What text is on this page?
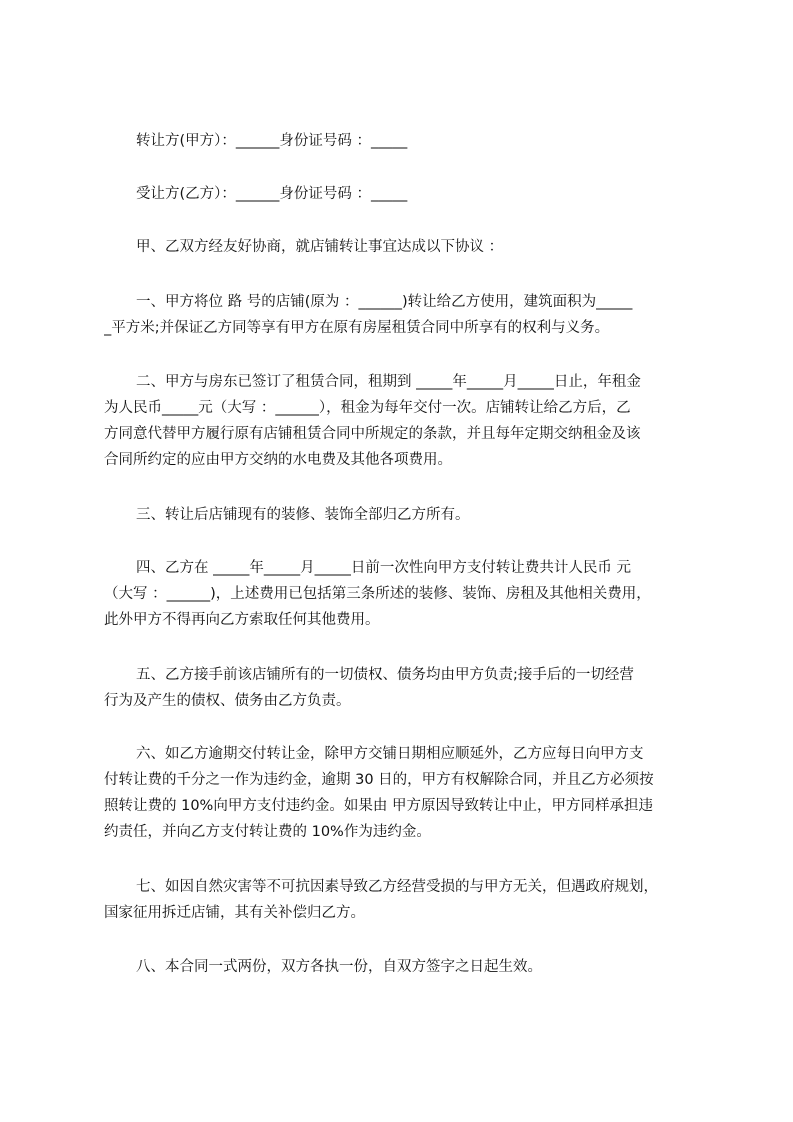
转让方(甲方）：______身份证号码 ：_____
受让方(乙方）：______身份证号码 ：_____
甲、乙双方经友好协商，就店铺转让事宜达成以下协议 ：
一、甲方将位 路 号的店铺(原为 ：______)转让给乙方使用，建筑面积为_____
_平方米;并保证乙方同等享有甲方在原有房屋租赁合同中所享有的权利与义务。
二、甲方与房东已签订了租赁合同，租期到 _____年_____月_____日止，年租金
为人民币_____元（大写 ：______），租金为每年交付一次。店铺转让给乙方后，乙
方同意代替甲方履行原有店铺租赁合同中所规定的条款，并且每年定期交纳租金及该
合同所约定的应由甲方交纳的水电费及其他各项费用。
三、转让后店铺现有的装修、装饰全部归乙方所有。
四、乙方在 _____年_____月_____日前一次性向甲方支付转让费共计人民币 元
（大写 ：______)，上述费用已包括第三条所述的装修、装饰、房租及其他相关费用，
此外甲方不得再向乙方索取任何其他费用。
五、乙方接手前该店铺所有的一切债权、债务均由甲方负责;接手后的一切经营
行为及产生的债权、债务由乙方负责。
六、如乙方逾期交付转让金，除甲方交铺日期相应顺延外，乙方应每日向甲方支
付转让费的千分之一作为违约金，逾期 30 日的，甲方有权解除合同，并且乙方必须按
照转让费的 10%向甲方支付违约金。如果由 甲方原因导致转让中止，甲方同样承担违
约责任，并向乙方支付转让费的 10%作为违约金。
七、如因自然灾害等不可抗因素导致乙方经营受损的与甲方无关，但遇政府规划，
国家征用拆迁店铺，其有关补偿归乙方。
八、本合同一式两份，双方各执一份，自双方签字之日起生效。
